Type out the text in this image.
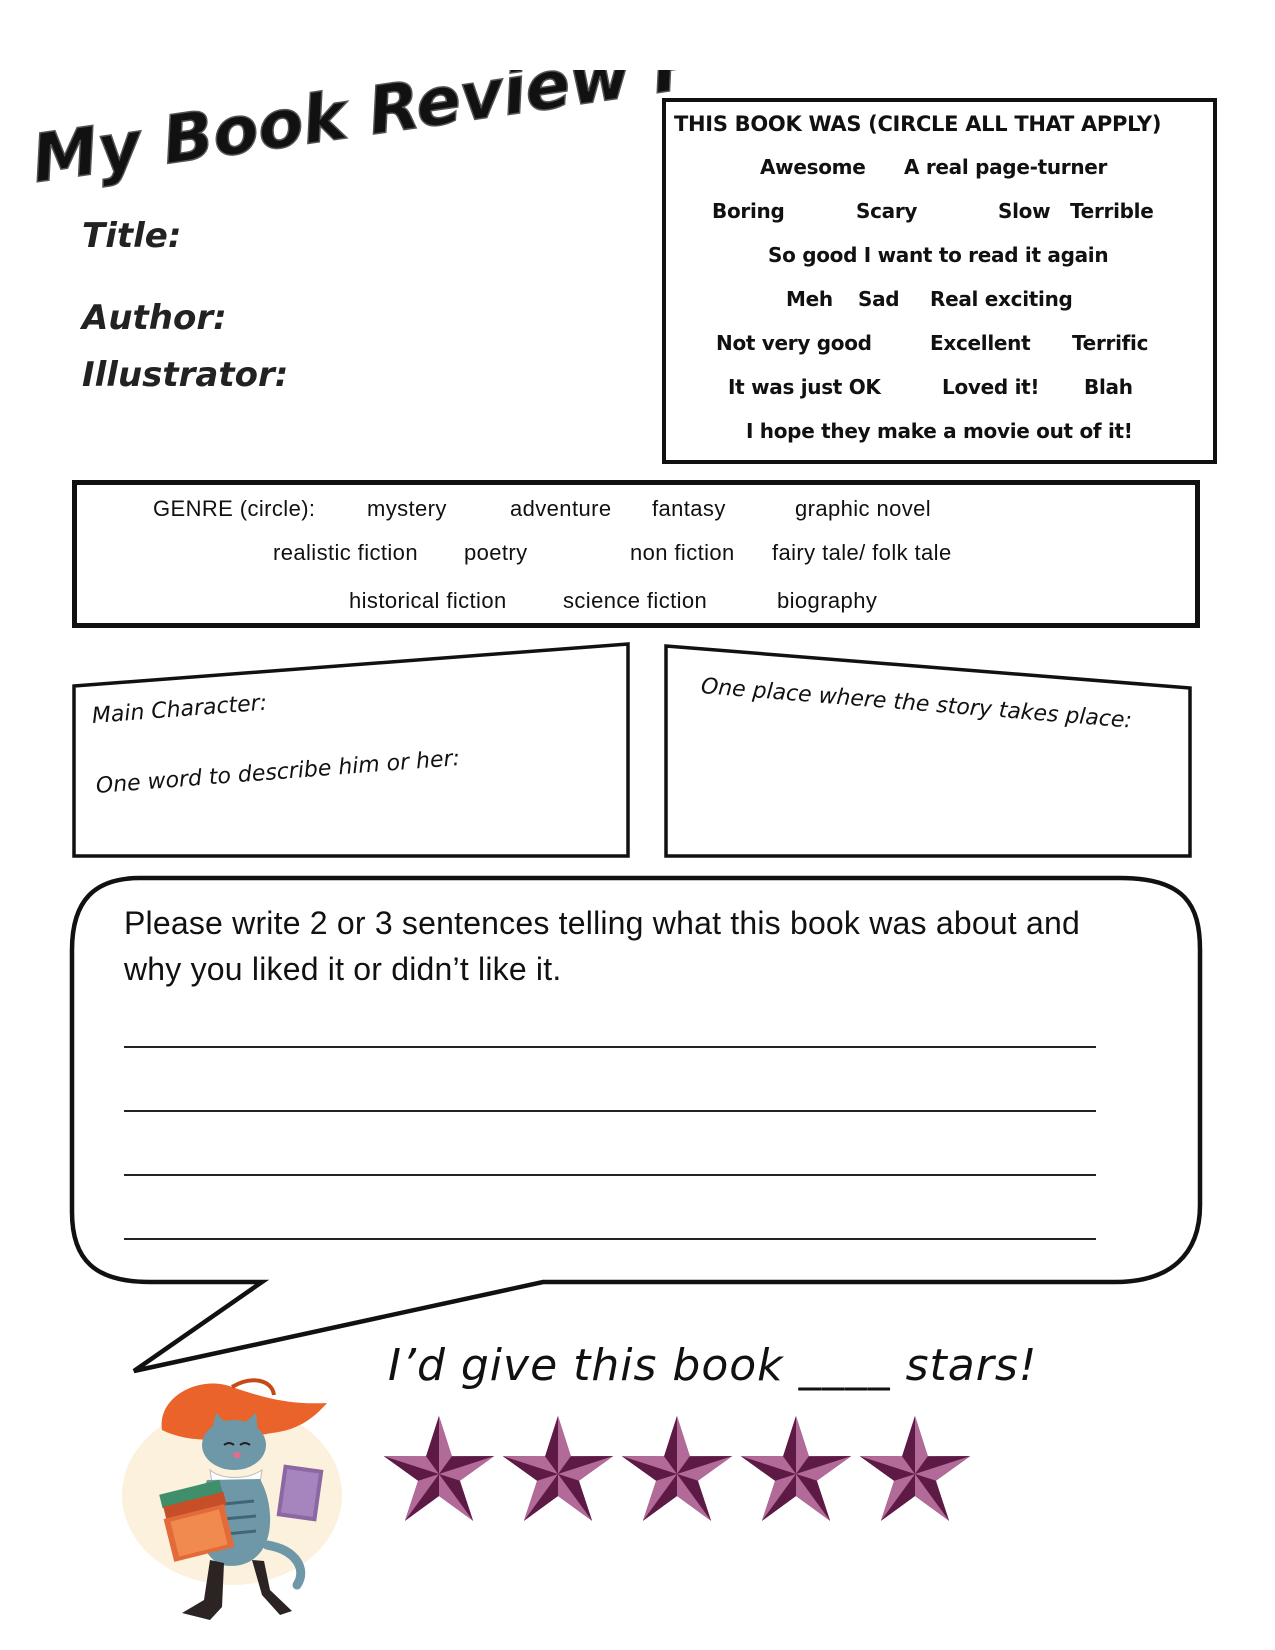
y Book Review
Title:
Author:
Illustrator:
THIS BOOK WAS (CIRCLE ALL THAT APPLY)
Awesome A real page-turner
Boring	Scary	Slow Terrible
So good I want to read it again
Meh Sad Real exciting
Not very good	Excellent Terrific
It was just OK	Loved it! Blah
I hope they make a movie out of it!
GENRE (circle): mystery	adventure fantasy	graphic novel
realistic fiction poetry	non fiction fairy tale/ folk tale
historical fiction	science fiction	biography
Main Character:
One word to describe him or her:
One place where the story takes place:
Please write 2 or 3 sentences telling what this book was about and why you liked it or didn’t like it.
I’d give this book ____ stars!
